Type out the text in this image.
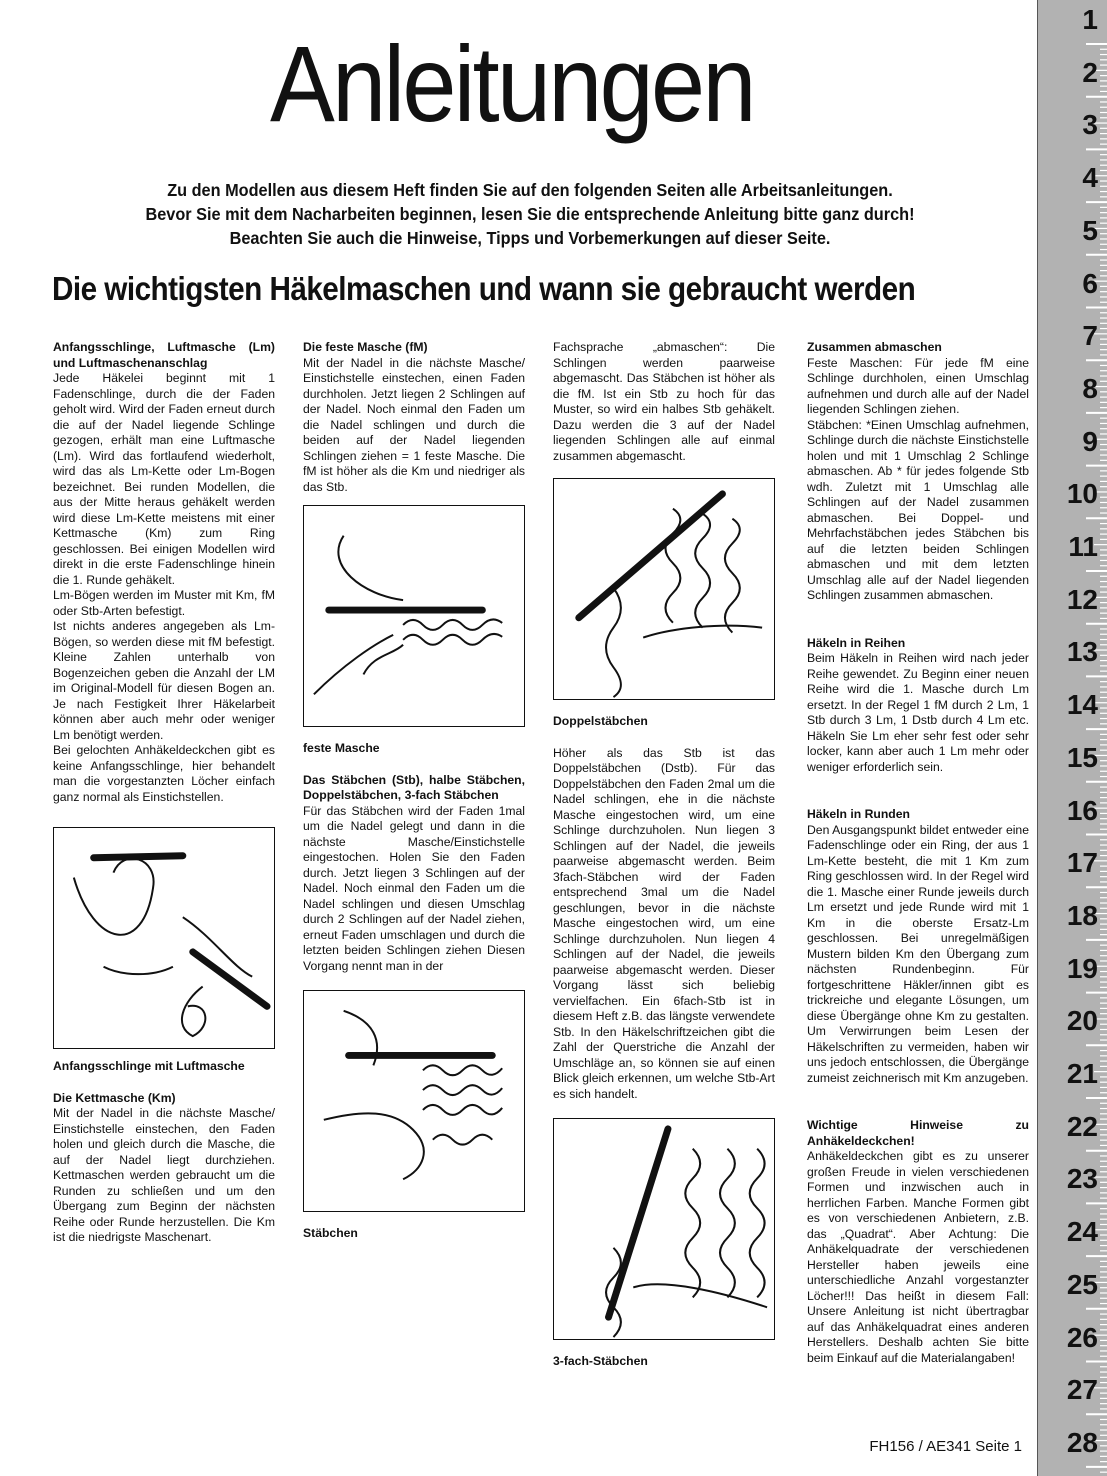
Anleitungen
Zu den Modellen aus diesem Heft finden Sie auf den folgenden Seiten alle Arbeitsanleitungen.
Bevor Sie mit dem Nacharbeiten beginnen, lesen Sie die entsprechende Anleitung bitte ganz durch!
Beachten Sie auch die Hinweise, Tipps und Vorbemerkungen auf dieser Seite.
Die wichtigsten Häkelmaschen und wann sie gebraucht werden
Anfangsschlinge, Luftmasche (Lm) und Luftmaschenanschlag

Jede Häkelei beginnt mit 1 Fadenschlinge, durch die der Faden geholt wird. Wird der Faden erneut durch die auf der Nadel liegende Schlinge gezogen, erhält man eine Luftmasche (Lm). Wird das fortlaufend wiederholt, wird das als Lm-Kette oder Lm-Bogen bezeichnet. Bei runden Modellen, die aus der Mitte heraus gehäkelt werden wird diese Lm-Kette meistens mit einer Kettmasche (Km) zum Ring geschlossen. Bei einigen Modellen wird direkt in die erste Fadenschlinge hinein die 1. Runde gehäkelt.

Lm-Bögen werden im Muster mit Km, fM oder Stb-Arten befestigt.

Ist nichts anderes angegeben als Lm-Bögen, so werden diese mit fM befestigt. Kleine Zahlen unterhalb von Bogenzeichen geben die Anzahl der LM im Original-Modell für diesen Bogen an. Je nach Festigkeit Ihrer Häkelarbeit können aber auch mehr oder weniger Lm benötigt werden.

Bei gelochten Anhäkeldeckchen gibt es keine Anfangsschlinge, hier behandelt man die vorgestanzten Löcher einfach ganz normal als Einstichstellen.

Anfangsschlinge mit Luftmasche

Die Kettmasche (Km)

Mit der Nadel in die nächste Masche/ Einstichstelle einstechen, den Faden holen und gleich durch die Masche, die auf der Nadel liegt durchziehen. Kettmaschen werden gebraucht um die Runden zu schließen und um den Übergang zum Beginn der nächsten Reihe oder Runde herzustellen. Die Km ist die niedrigste Maschenart.

Die feste Masche (fM)

Mit der Nadel in die nächste Masche/ Einstichstelle einstechen, einen Faden durchholen. Jetzt liegen 2 Schlingen auf der Nadel. Noch einmal den Faden um die Nadel schlingen und durch die beiden auf der Nadel liegenden Schlingen ziehen = 1 feste Masche. Die fM ist höher als die Km und niedriger als das Stb.

feste Masche

Das Stäbchen (Stb), halbe Stäbchen, Doppelstäbchen, 3-fach Stäbchen

Für das Stäbchen wird der Faden 1mal um die Nadel gelegt und dann in die nächste Masche/Einstichstelle eingestochen. Holen Sie den Faden durch. Jetzt liegen 3 Schlingen auf der Nadel. Noch einmal den Faden um die Nadel schlingen und diesen Umschlag durch 2 Schlingen auf der Nadel ziehen, erneut Faden umschlagen und durch die letzten beiden Schlingen ziehen Diesen Vorgang nennt man in der

Stäbchen

Fachsprache „abmaschen“: Die Schlingen werden paarweise abgemascht. Das Stäbchen ist höher als die fM. Ist ein Stb zu hoch für das Muster, so wird ein halbes Stb gehäkelt. Dazu werden die 3 auf der Nadel liegenden Schlingen alle auf einmal zusammen abgemascht.

Doppelstäbchen

Höher als das Stb ist das Doppelstäbchen (Dstb). Für das Doppelstäbchen den Faden 2mal um die Nadel schlingen, ehe in die nächste Masche eingestochen wird, um eine Schlinge durchzuholen. Nun liegen 3 Schlingen auf der Nadel, die jeweils paarweise abgemascht werden. Beim 3fach-Stäbchen wird der Faden entsprechend 3mal um die Nadel geschlungen, bevor in die nächste Masche eingestochen wird, um eine Schlinge durchzuholen. Nun liegen 4 Schlingen auf der Nadel, die jeweils paarweise abgemascht werden. Dieser Vorgang lässt sich beliebig vervielfachen. Ein 6fach-Stb ist in diesem Heft z.B. das längste verwendete Stb. In den Häkelschriftzeichen gibt die Zahl der Querstriche die Anzahl der Umschläge an, so können sie auf einen Blick gleich erkennen, um welche Stb-Art es sich handelt.

3-fach-Stäbchen

Zusammen abmaschen

Feste Maschen: Für jede fM eine Schlinge durchholen, einen Umschlag aufnehmen und durch alle auf der Nadel liegenden Schlingen ziehen.

Stäbchen: *Einen Umschlag aufnehmen, Schlinge durch die nächste Einstichstelle holen und mit 1 Umschlag 2 Schlinge abmaschen. Ab * für jedes folgende Stb wdh. Zuletzt mit 1 Umschlag alle Schlingen auf der Nadel zusammen abmaschen. Bei Doppel- und Mehrfachstäbchen jedes Stäbchen bis auf die letzten beiden Schlingen abmaschen und mit dem letzten Umschlag alle auf der Nadel liegenden Schlingen zusammen abmaschen.

Häkeln in Reihen

Beim Häkeln in Reihen wird nach jeder Reihe gewendet. Zu Beginn einer neuen Reihe wird die 1. Masche durch Lm ersetzt. In der Regel 1 fM durch 2 Lm, 1 Stb durch 3 Lm, 1 Dstb durch 4 Lm etc. Häkeln Sie Lm eher sehr fest oder sehr locker, kann aber auch 1 Lm mehr oder weniger erforderlich sein.

Häkeln in Runden

Den Ausgangspunkt bildet entweder eine Fadenschlinge oder ein Ring, der aus 1 Lm-Kette besteht, die mit 1 Km zum Ring geschlossen wird. In der Regel wird die 1. Masche einer Runde jeweils durch Lm ersetzt und jede Runde wird mit 1 Km in die oberste Ersatz-Lm geschlossen. Bei unregelmäßigen Mustern bilden Km den Übergang zum nächsten Rundenbeginn. Für fortgeschrittene Häkler/innen gibt es trickreiche und elegante Lösungen, um diese Übergänge ohne Km zu gestalten. Um Verwirrungen beim Lesen der Häkelschriften zu vermeiden, haben wir uns jedoch entschlossen, die Übergänge zumeist zeichnerisch mit Km anzugeben.

Wichtige Hinweise zu Anhäkeldeckchen!

Anhäkeldeckchen gibt es zu unserer großen Freude in vielen verschiedenen Formen und inzwischen auch in herrlichen Farben. Manche Formen gibt es von verschiedenen Anbietern, z.B. das „Quadrat“. Aber Achtung: Die Anhäkelquadrate der verschiedenen Hersteller haben jeweils eine unterschiedliche Anzahl vorgestanzter Löcher!!! Das heißt in diesem Fall: Unsere Anleitung ist nicht übertragbar auf das Anhäkelquadrat eines anderen Herstellers. Deshalb achten Sie bitte beim Einkauf auf die Materialangaben!

FH156 / AE341 Seite 1

1
2
3
4
5
6
7
8
9
10
11
12
13
14
15
16
17
18
19
20
21
22
23
24
25
26
27
28
